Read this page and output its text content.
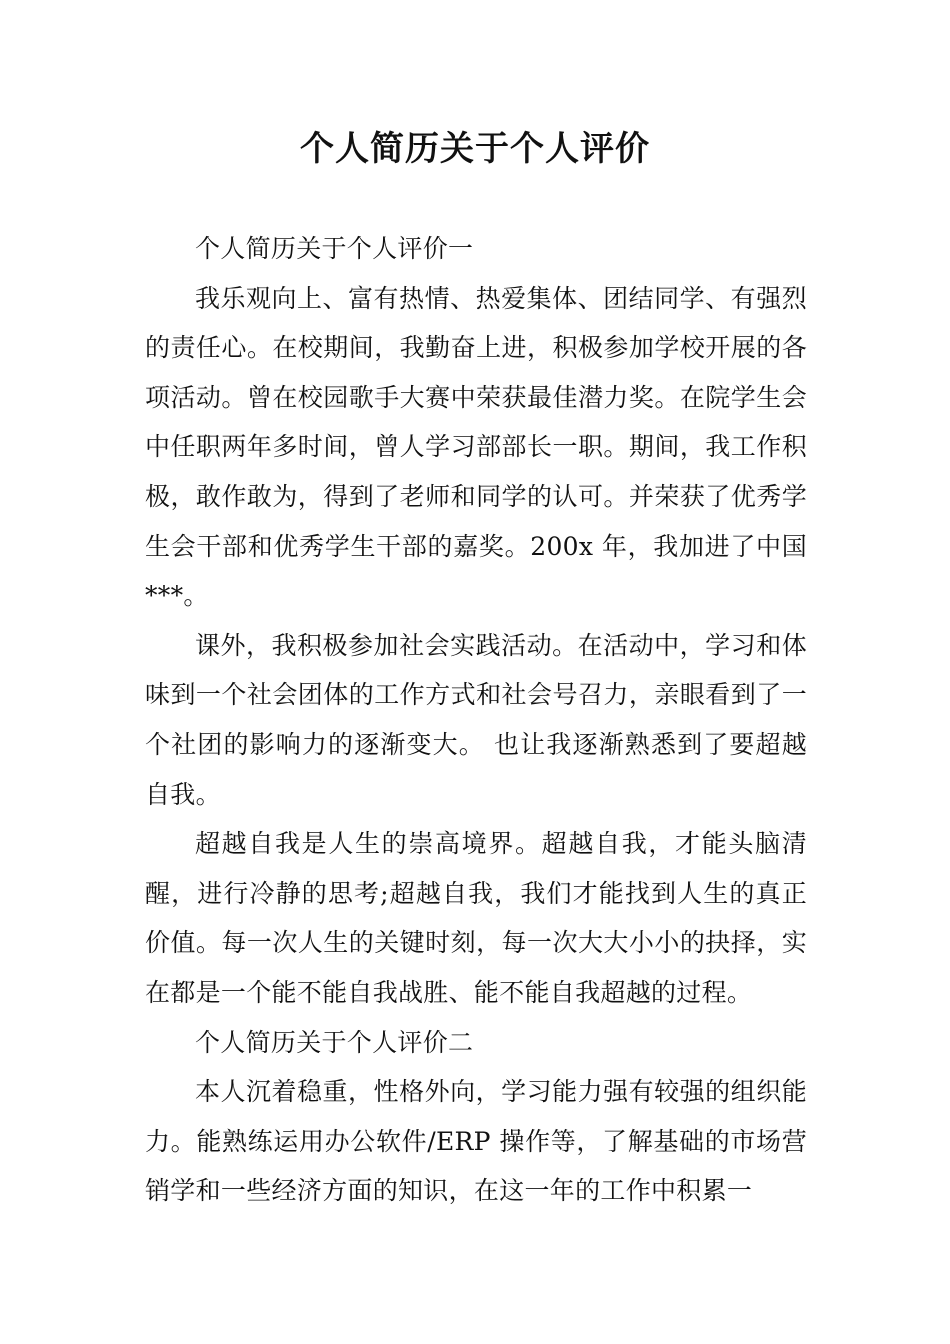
个人简历关于个人评价

个人简历关于个人评价一

我乐观向上、富有热情、热爱集体、团结同学、有强烈的责任心。在校期间，我勤奋上进，积极参加学校开展的各项活动。曾在校园歌手大赛中荣获最佳潜力奖。在院学生会中任职两年多时间，曾人学习部部长一职。期间，我工作积极，敢作敢为，得到了老师和同学的认可。并荣获了优秀学生会干部和优秀学生干部的嘉奖。200x 年，我加进了中国***。

课外，我积极参加社会实践活动。在活动中，学习和体味到一个社会团体的工作方式和社会号召力，亲眼看到了一个社团的影响力的逐渐变大。 也让我逐渐熟悉到了要超越自我。

超越自我是人生的崇高境界。超越自我，才能头脑清醒，进行冷静的思考;超越自我，我们才能找到人生的真正价值。每一次人生的关键时刻，每一次大大小小的抉择，实在都是一个能不能自我战胜、能不能自我超越的过程。

个人简历关于个人评价二

本人沉着稳重，性格外向，学习能力强有较强的组织能力。能熟练运用办公软件/ERP 操作等，了解基础的市场营销学和一些经济方面的知识，在这一年的工作中积累一
